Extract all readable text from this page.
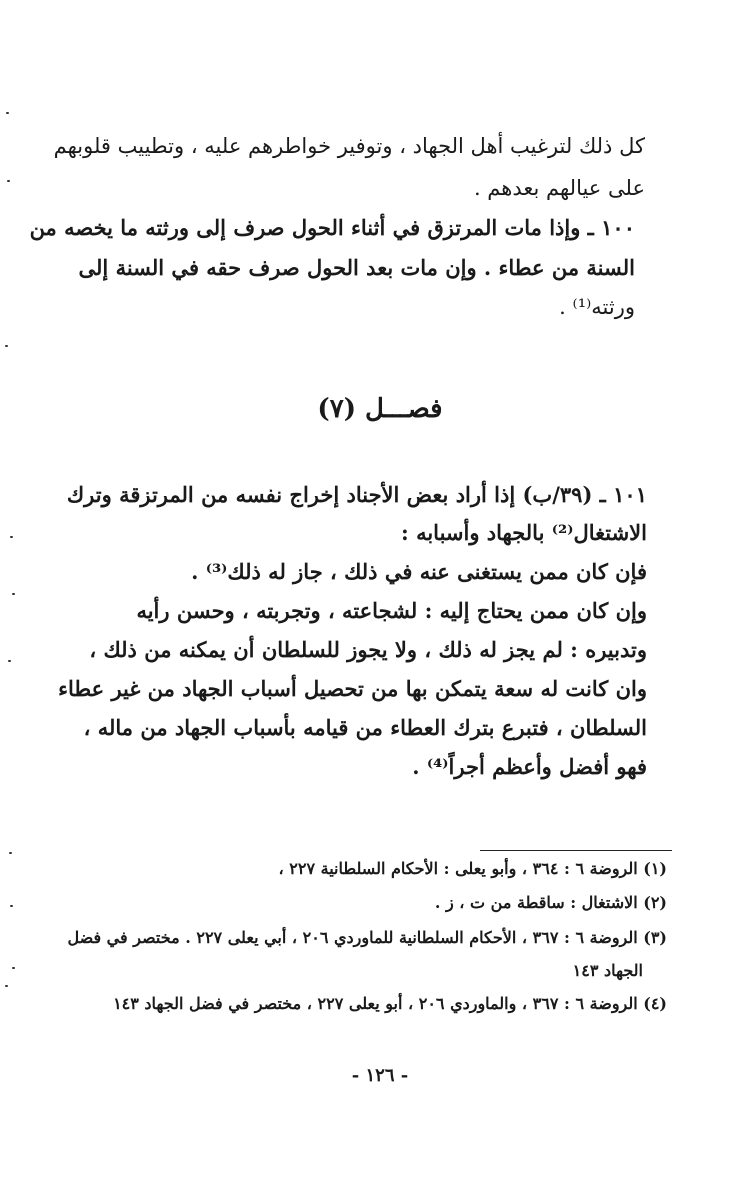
كل ذلك لترغيب أهل الجهاد ، وتوفير خواطرهم عليه ، وتطييب قلوبهم
على عيالهم بعدهم .
١٠٠ ـ وإذا مات المرتزق في أثناء الحول صرف إلى ورثته ما يخصه من
السنة من عطاء . وإن مات بعد الحول صرف حقه في السنة إلى
ورثته⁽¹⁾ .
فصـــل (٧)
١٠١ ـ (٣٩/ب) إذا أراد بعض الأجناد إخراج نفسه من المرتزقة وترك
الاشتغال⁽²⁾ بالجهاد وأسبابه :
فإن كان ممن يستغنى عنه في ذلك ، جاز له ذلك⁽³⁾ .
وإن كان ممن يحتاج إليه : لشجاعته ، وتجربته ، وحسن رأيه
وتدبيره : لم يجز له ذلك ، ولا يجوز للسلطان أن يمكنه من ذلك ،
وان كانت له سعة يتمكن بها من تحصيل أسباب الجهاد من غير عطاء
السلطان ، فتبرع بترك العطاء من قيامه بأسباب الجهاد من ماله ،
فهو أفضل وأعظم أجراً⁽⁴⁾ .
(١) الروضة ٦ : ٣٦٤ ، وأبو يعلى : الأحكام السلطانية ٢٢٧ ،
(٢) الاشتغال : ساقطة من ت ، ز .
(٣) الروضة ٦ : ٣٦٧ ، الأحكام السلطانية للماوردي ٢٠٦ ، أبي يعلى ٢٢٧ . مختصر في فضل
الجهاد ١٤٣
(٤) الروضة ٦ : ٣٦٧ ، والماوردي ٢٠٦ ، أبو يعلى ٢٢٧ ، مختصر في فضل الجهاد ١٤٣
- ١٢٦ -
